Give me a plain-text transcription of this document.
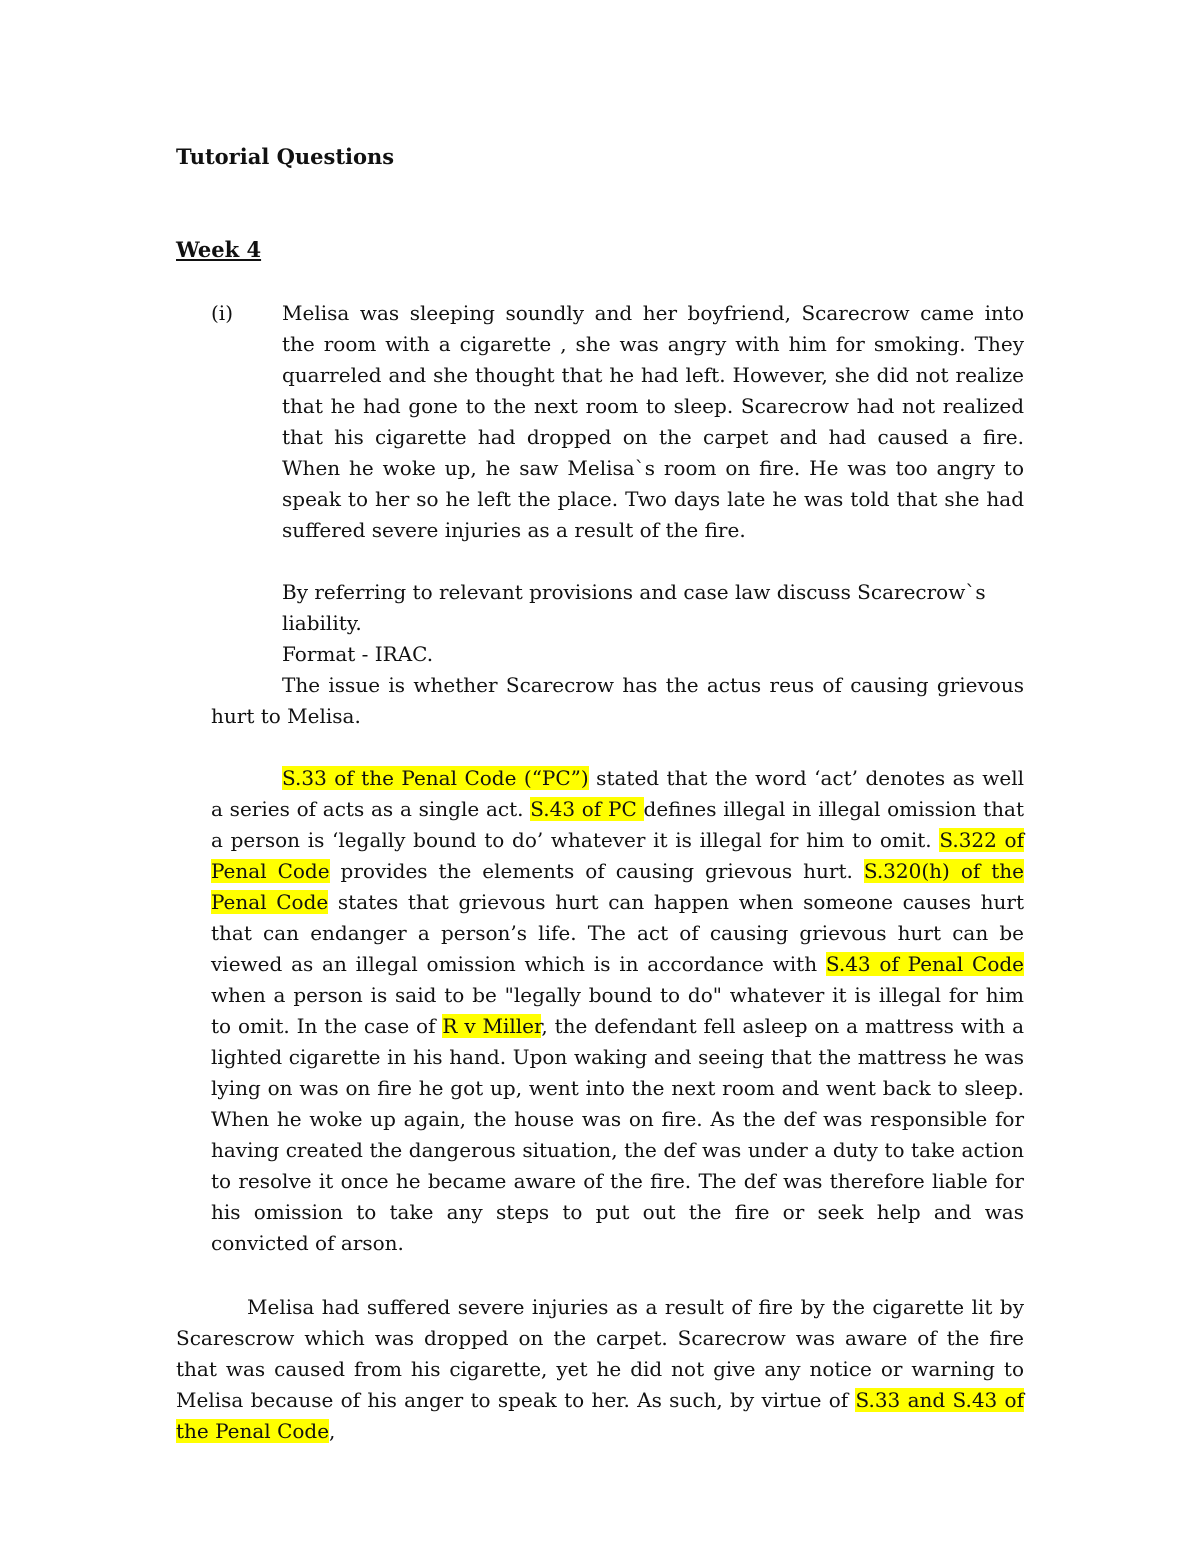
Tutorial Questions

Week 4

(i) Melisa was sleeping soundly and her boyfriend, Scarecrow came into the room with a cigarette , she was angry with him for smoking. They quarreled and she thought that he had left. However, she did not realize that he had gone to the next room to sleep. Scarecrow had not realized that his cigarette had dropped on the carpet and had caused a fire. When he woke up, he saw Melisa`s room on fire. He was too angry to speak to her so he left the place. Two days late he was told that she had suffered severe injuries as a result of the fire.

By referring to relevant provisions and case law discuss Scarecrow`s liability.
Format - IRAC.

The issue is whether Scarecrow has the actus reus of causing grievous hurt to Melisa.

S.33 of the Penal Code (“PC”) stated that the word ‘act’ denotes as well a series of acts as a single act. S.43 of PC defines illegal in illegal omission that a person is ‘legally bound to do’ whatever it is illegal for him to omit. S.322 of Penal Code provides the elements of causing grievous hurt. S.320(h) of the Penal Code states that grievous hurt can happen when someone causes hurt that can endanger a person’s life. The act of causing grievous hurt can be viewed as an illegal omission which is in accordance with S.43 of Penal Code when a person is said to be "legally bound to do" whatever it is illegal for him to omit. In the case of R v Miller, the defendant fell asleep on a mattress with a lighted cigarette in his hand. Upon waking and seeing that the mattress he was lying on was on fire he got up, went into the next room and went back to sleep. When he woke up again, the house was on fire. As the def was responsible for having created the dangerous situation, the def was under a duty to take action to resolve it once he became aware of the fire. The def was therefore liable for his omission to take any steps to put out the fire or seek help and was convicted of arson.

Melisa had suffered severe injuries as a result of fire by the cigarette lit by Scarescrow which was dropped on the carpet. Scarecrow was aware of the fire that was caused from his cigarette, yet he did not give any notice or warning to Melisa because of his anger to speak to her. As such, by virtue of S.33 and S.43 of the Penal Code,
